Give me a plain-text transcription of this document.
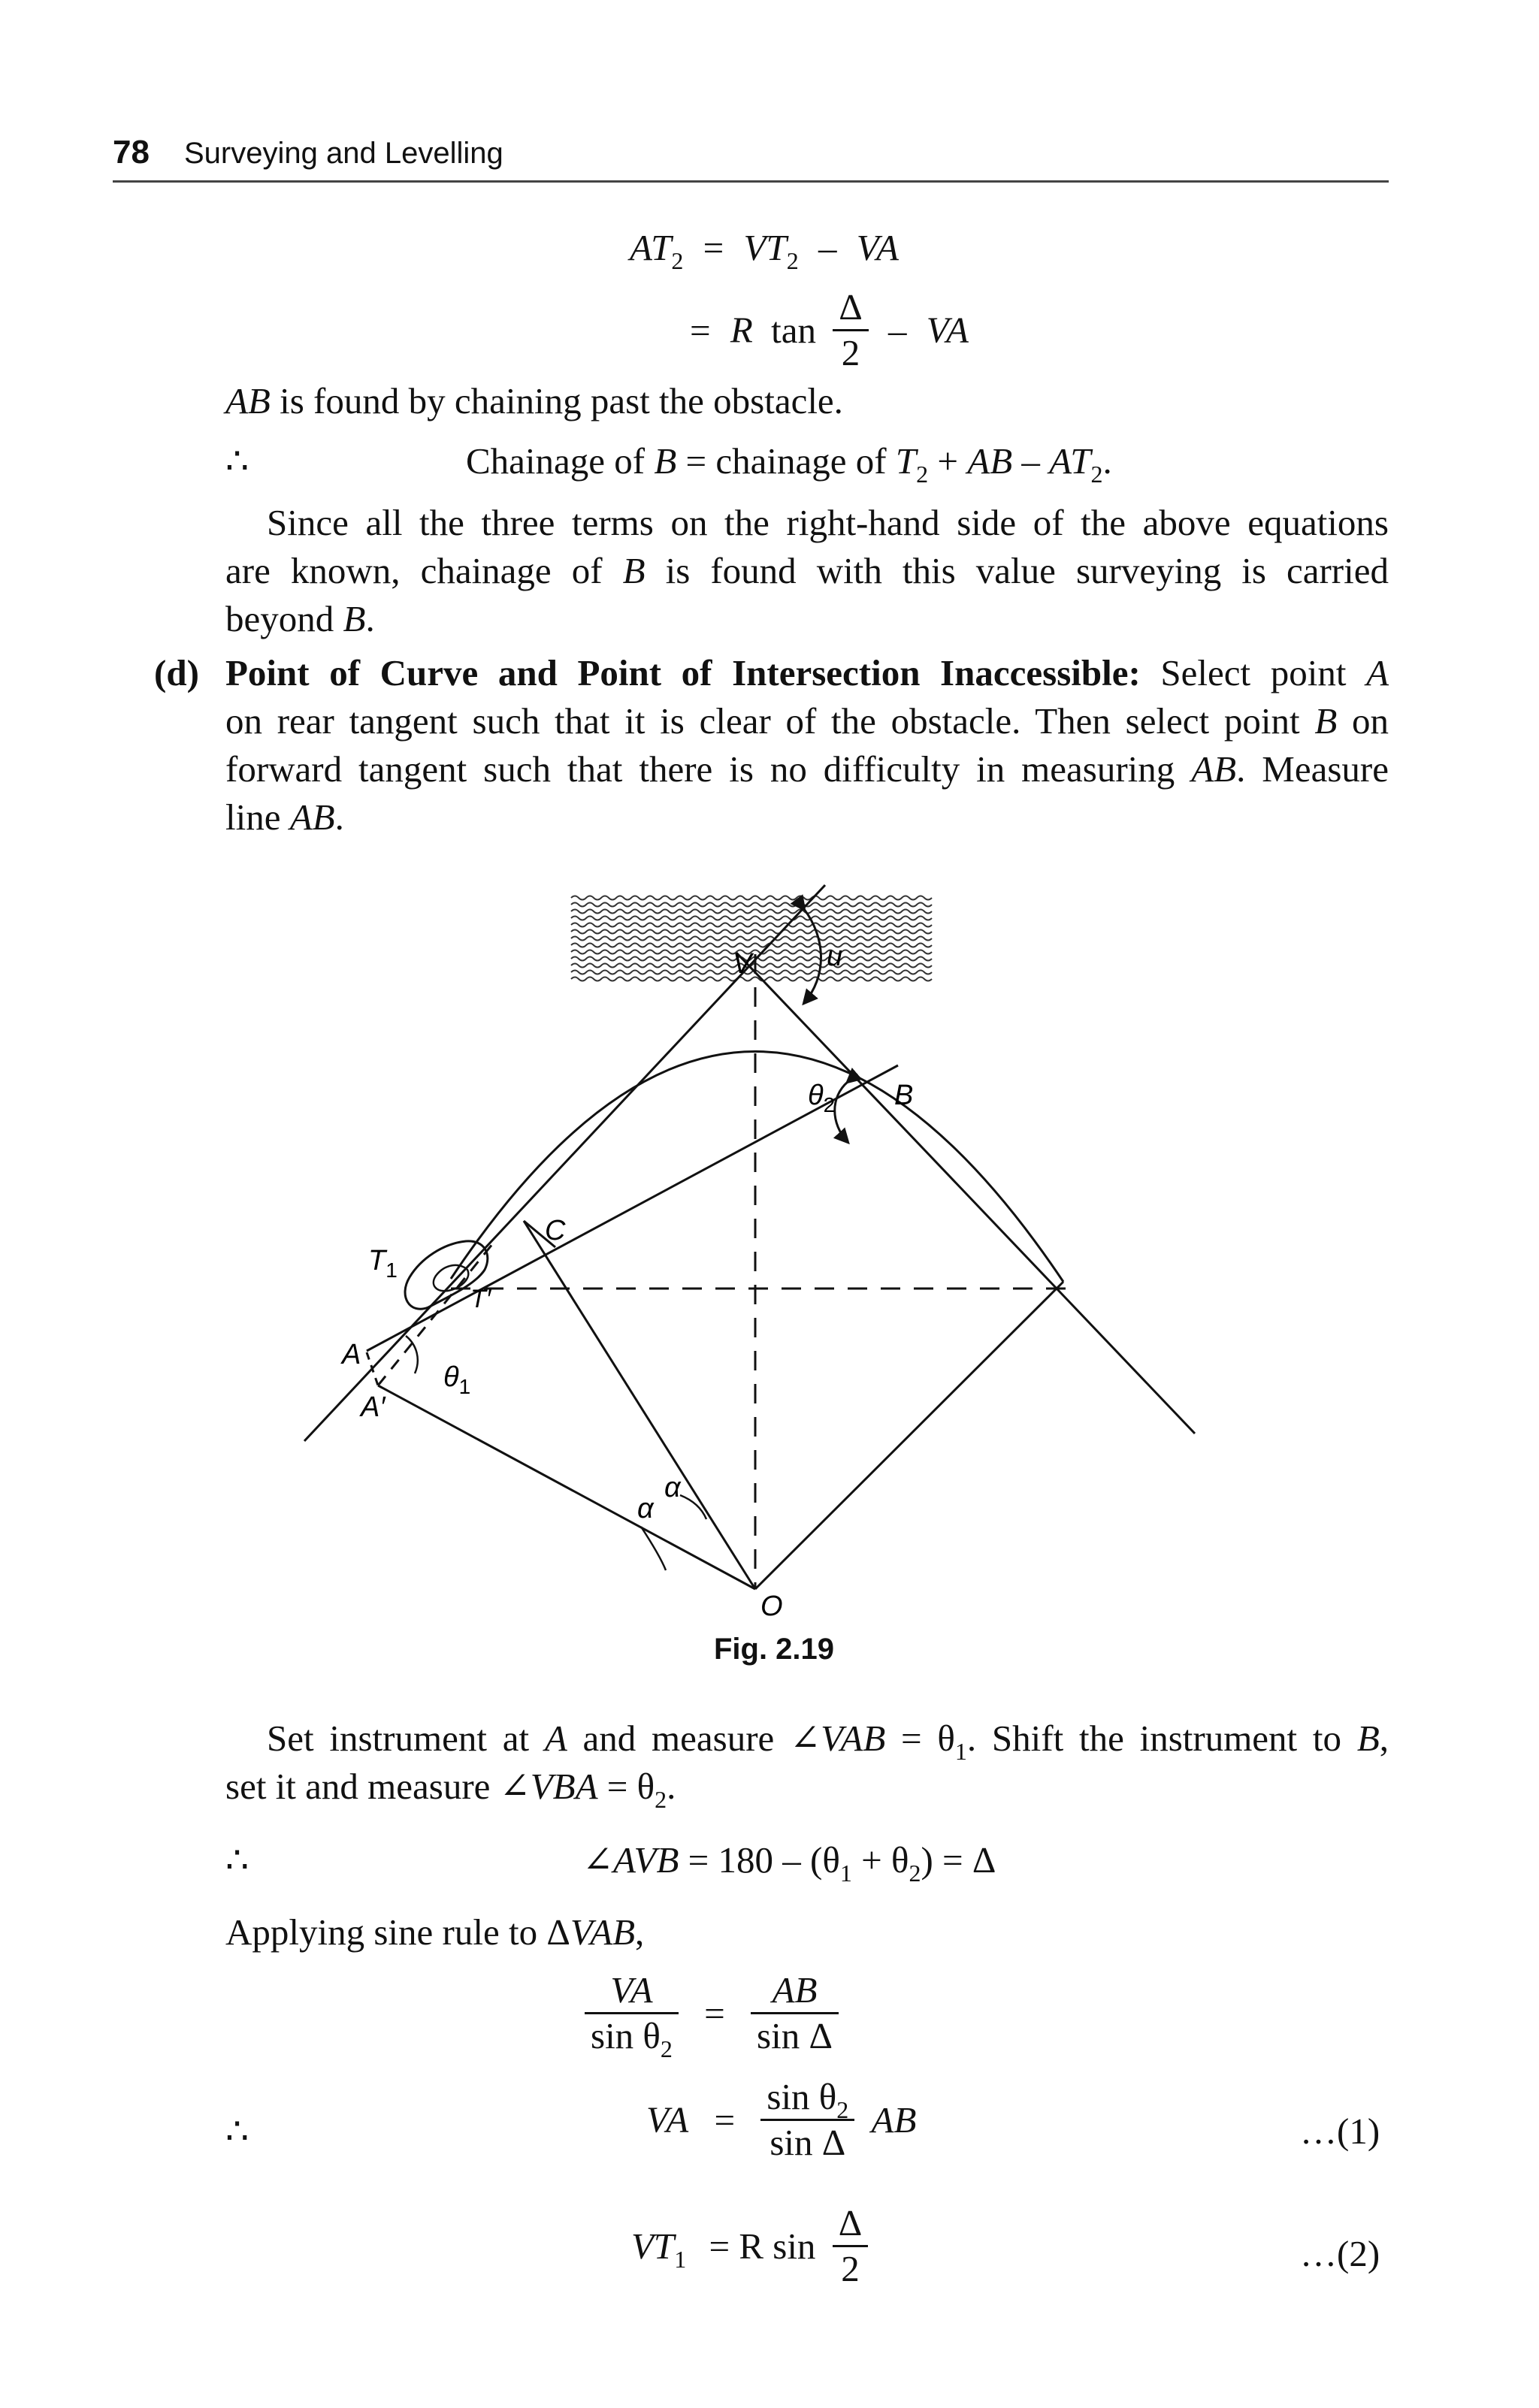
78 Surveying and Levelling
$AT_2 = VT_2$ – VA
= R $\tan \frac{\Delta}{2}$ – VA
AB is found by chaining past the obstacle.
∴	Chainage of B = chainage of $T_2$ + AB – $AT_2$.
Since all the three terms on the right-hand side of the above equations
are known, chainage of B is found with this value surveying is carried
beyond B.
(d) Point of Curve and Point of Intersection Inaccessible: Select point A
on rear tangent such that it is clear of the obstacle. Then select point B on
forward tangent such that there is no difficulty in measuring AB. Measure
line AB.
V	u
$\theta_2$ B
C
$T_1$
T′
A
$\theta_1$
A′
α
α
O
Fig. 2.19
Set instrument at A and measure ∠VAB = $\theta_1$. Shift the instrument to B,
set it and measure ∠VBA = $\theta_2$.
∴	∠AVB = $180 - (\theta_1 + \theta_2) = \Delta$
Applying sine rule to ΔVAB,
$\frac{VA}{\sin \theta_2} = \frac{AB}{\text{sin Δ}}$
∴	VA = $\frac{\sin \theta_2}{\text{sin Δ}}$ AB	…(1)
$VT_1 = R$ $\sin \frac{\Delta}{2}$	…(2)
